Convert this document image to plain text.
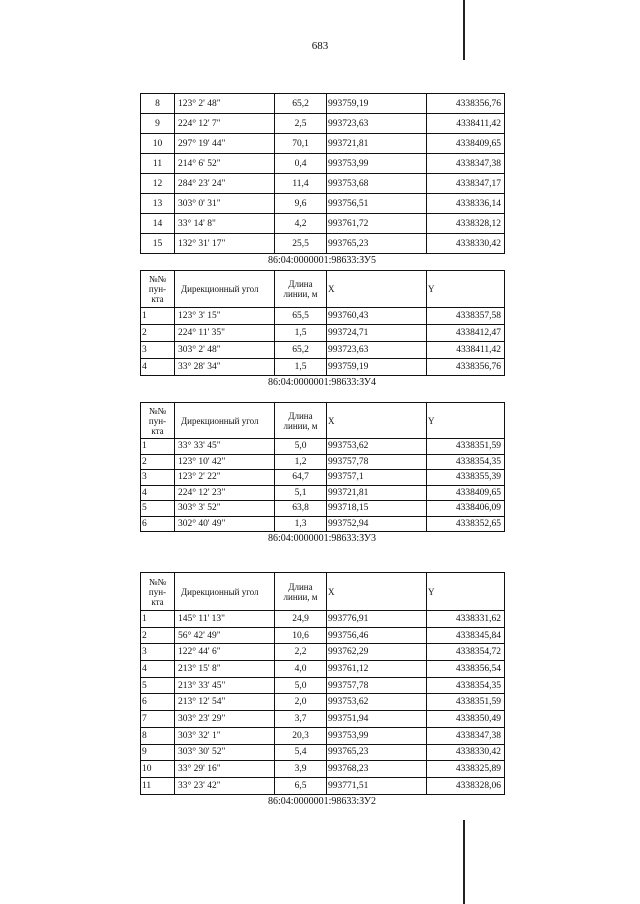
683
8	123° 2' 48"	65,2	993759,19	4338356,76
9	224° 12' 7"	2,5	993723,63	4338411,42
10	297° 19' 44"	70,1	993721,81	4338409,65
11	214° 6' 52"	0,4	993753,99	4338347,38
12	284° 23' 24"	11,4	993753,68	4338347,17
13	303° 0' 31"	9,6	993756,51	4338336,14
14	33° 14' 8"	4,2	993761,72	4338328,12
15	132° 31' 17"	25,5	993765,23	4338330,42
86:04:0000001:98633:ЗУ5
№№ пун- кта	Дирекционный угол	Длина линии, м	X	Y
1	123° 3' 15"	65,5	993760,43	4338357,58
2	224° 11' 35"	1,5	993724,71	4338412,47
3	303° 2' 48"	65,2	993723,63	4338411,42
4	33° 28' 34"	1,5	993759,19	4338356,76
86:04:0000001:98633:ЗУ4
№№ пун- кта	Дирекционный угол	Длина линии, м	X	Y
1	33° 33' 45"	5,0	993753,62	4338351,59
2	123° 10' 42"	1,2	993757,78	4338354,35
3	123° 2' 22"	64,7	993757,1	4338355,39
4	224° 12' 23"	5,1	993721,81	4338409,65
5	303° 3' 52"	63,8	993718,15	4338406,09
6	302° 40' 49"	1,3	993752,94	4338352,65
86:04:0000001:98633:ЗУ3
№№ пун- кта	Дирекционный угол	Длина линии, м	X	Y
1	145° 11' 13"	24,9	993776,91	4338331,62
2	56° 42' 49"	10,6	993756,46	4338345,84
3	122° 44' 6"	2,2	993762,29	4338354,72
4	213° 15' 8"	4,0	993761,12	4338356,54
5	213° 33' 45"	5,0	993757,78	4338354,35
6	213° 12' 54"	2,0	993753,62	4338351,59
7	303° 23' 29"	3,7	993751,94	4338350,49
8	303° 32' 1"	20,3	993753,99	4338347,38
9	303° 30' 52"	5,4	993765,23	4338330,42
10	33° 29' 16"	3,9	993768,23	4338325,89
11	33° 23' 42"	6,5	993771,51	4338328,06
86:04:0000001:98633:ЗУ2
